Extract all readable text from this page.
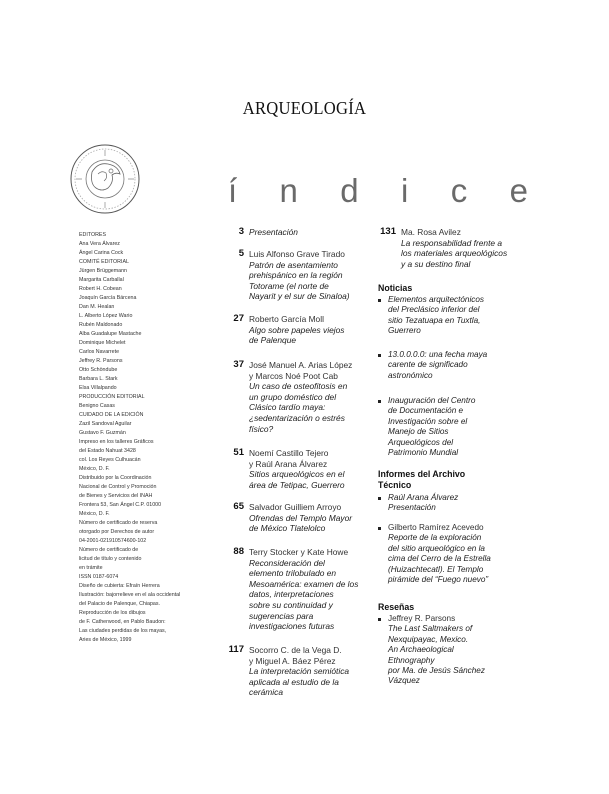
ARQUEOLOGÍA
í n d i c e
EDITORES
Ana Vera Álvarez
Ángel Carina Cock
COMITÉ EDITORIAL
Jürgen Brüggemann
Margarita Carballal
Robert H. Cobean
Joaquín García Bárcena
Dan M. Healan
L. Alberto López Wario
Rubén Maldonado
Alba Guadalupe Mastache
Dominique Michelet
Carlos Navarrete
Jeffrey R. Parsons
Otto Schöndube
Barbara L. Stark
Elsa Villalpando
PRODUCCIÓN EDITORIAL
Benigno Casas
CUIDADO DE LA EDICIÓN
Zazil Sandoval Aguilar
Gustavo F. Guzmán
Impreso en los talleres Gráficos
del Estado Nahuat 3428
col. Los Reyes Culhuacán
México, D. F.
Distribuido por la Coordinación
Nacional de Control y Promoción
de Bienes y Servicios del INAH
Frontera 53, San Ángel C.P. 01000
México, D. F.
Número de certificado de reserva
otorgado por Derechos de autor
04-2001-021910574600-102
Número de certificado de
licitud de título y contenido
en trámite
ISSN 0187-6074
Diseño de cubierta: Efraín Herrera
Ilustración: bajorrelieve en el ala occidental
del Palacio de Palenque, Chiapas.
Reproducción de los dibujos
de F. Catherwood, en Pablo Baudon:
Las ciudades perdidas de los mayas,
Aries de México, 1999
3 Presentación
5 Luis Alfonso Grave Tirado
Patrón de asentamiento
prehispánico en la región
Totorame (el norte de
Nayarit y el sur de Sinaloa)
27 Roberto García Moll
Algo sobre papeles viejos
de Palenque
37 José Manuel A. Arias López
y Marcos Noé Poot Cab
Un caso de osteofitosis en
un grupo doméstico del
Clásico tardío maya:
¿sedentarización o estrés
físico?
51 Noemí Castillo Tejero
y Raúl Arana Álvarez
Sitios arqueológicos en el
área de Tetipac, Guerrero
65 Salvador Guilliem Arroyo
Ofrendas del Templo Mayor
de México Tlatelolco
88 Terry Stocker y Kate Howe
Reconsideración del
elemento trilobulado en
Mesoamérica: examen de los
datos, interpretaciones
sobre su continuidad y
sugerencias para
investigaciones futuras
117 Socorro C. de la Vega D.
y Miguel A. Báez Pérez
La interpretación semiótica
aplicada al estudio de la
cerámica
131 Ma. Rosa Avilez
La responsabilidad frente a
los materiales arqueológicos
y a su destino final
Noticias
Elementos arquitectónicos
del Preclásico inferior del
sitio Tezatuapa en Tuxtla,
Guerrero
13.0.0.0.0: una fecha maya
carente de significado
astronómico
Inauguración del Centro
de Documentación e
Investigación sobre el
Manejo de Sitios
Arqueológicos del
Patrimonio Mundial
Informes del Archivo
Técnico
Raúl Arana Álvarez
Presentación
Gilberto Ramírez Acevedo
Reporte de la exploración
del sitio arqueológico en la
cima del Cerro de la Estrella
(Huizachtecatl). El Templo
pirámide del “Fuego nuevo”
Reseñas
Jeffrey R. Parsons
The Last Saltmakers of
Nexquipayac, Mexico.
An Archaeological
Ethnography
por Ma. de Jesús Sánchez
Vázquez
